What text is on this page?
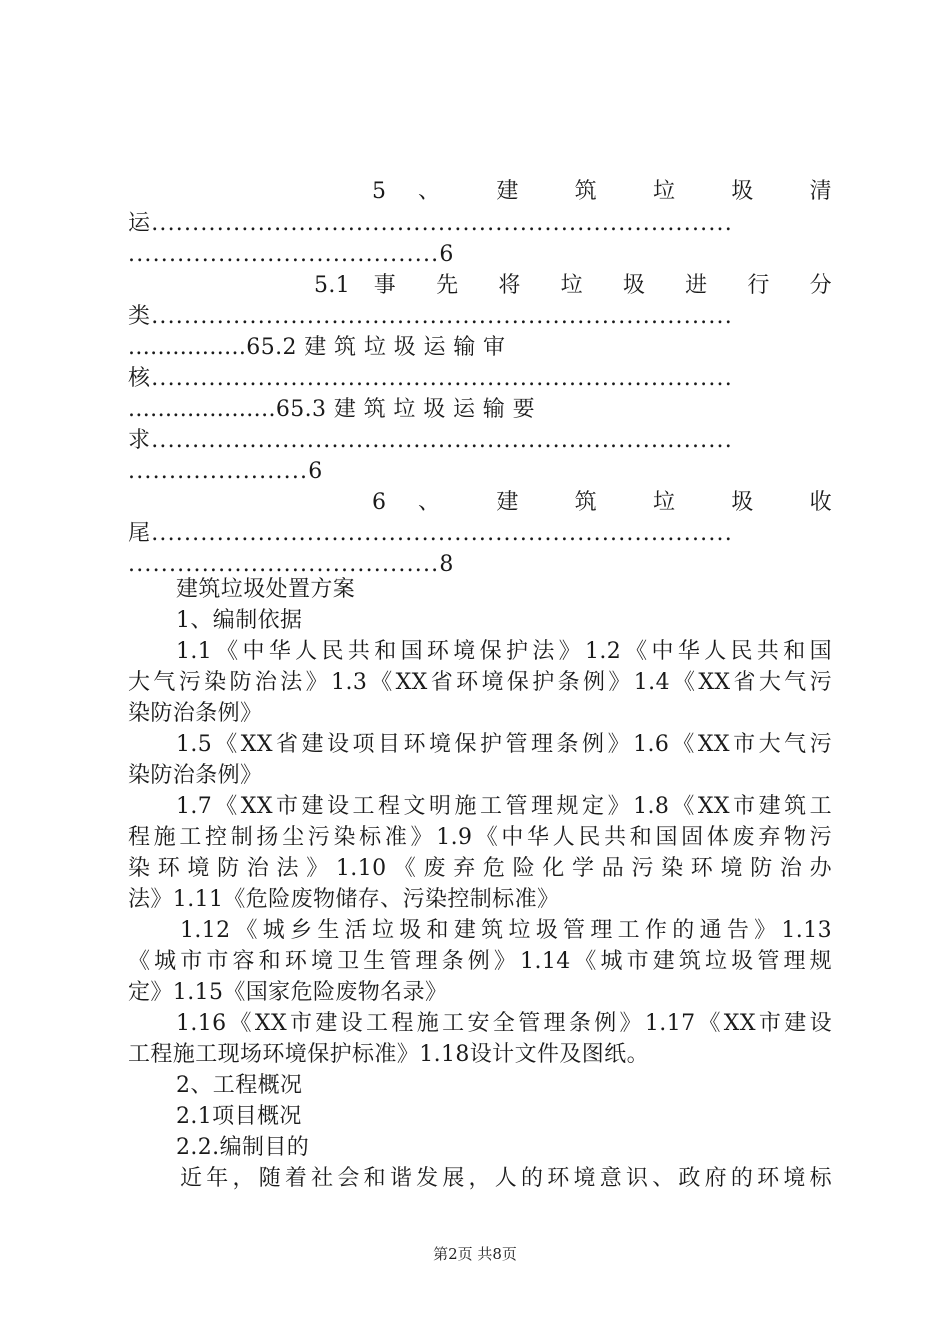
5 、 建 筑 垃 圾 清
运.......................................................................
......................................6
5.1 事 先 将 垃 圾 进 行 分
类.......................................................................
................65.2 建 筑 垃 圾 运 输 审
核.......................................................................
....................65.3 建 筑 垃 圾 运 输 要
求.......................................................................
......................6
6 、 建 筑 垃 圾 收
尾.......................................................................
......................................8
建筑垃圾处置方案
1、编制依据
1.1《中华人民共和国环境保护法》1.2《中华人民共和国
大气污染防治法》1.3《XX省环境保护条例》1.4《XX省大气污
染防治条例》
1.5《XX省建设项目环境保护管理条例》1.6《XX市大气污
染防治条例》
1.7《XX市建设工程文明施工管理规定》1.8《XX市建筑工
程施工控制扬尘污染标准》1.9《中华人民共和国固体废弃物污
染环境防治法》1.10《废弃危险化学品污染环境防治办
法》1.11《危险废物储存、污染控制标准》
1.12《城乡生活垃圾和建筑垃圾管理工作的通告》1.13
《城市市容和环境卫生管理条例》1.14《城市建筑垃圾管理规
定》1.15《国家危险废物名录》
1.16《XX市建设工程施工安全管理条例》1.17《XX市建设
工程施工现场环境保护标准》1.18设计文件及图纸。
2、工程概况
2.1项目概况
2.2.编制目的
近年，随着社会和谐发展，人的环境意识、政府的环境标
第2页 共8页
